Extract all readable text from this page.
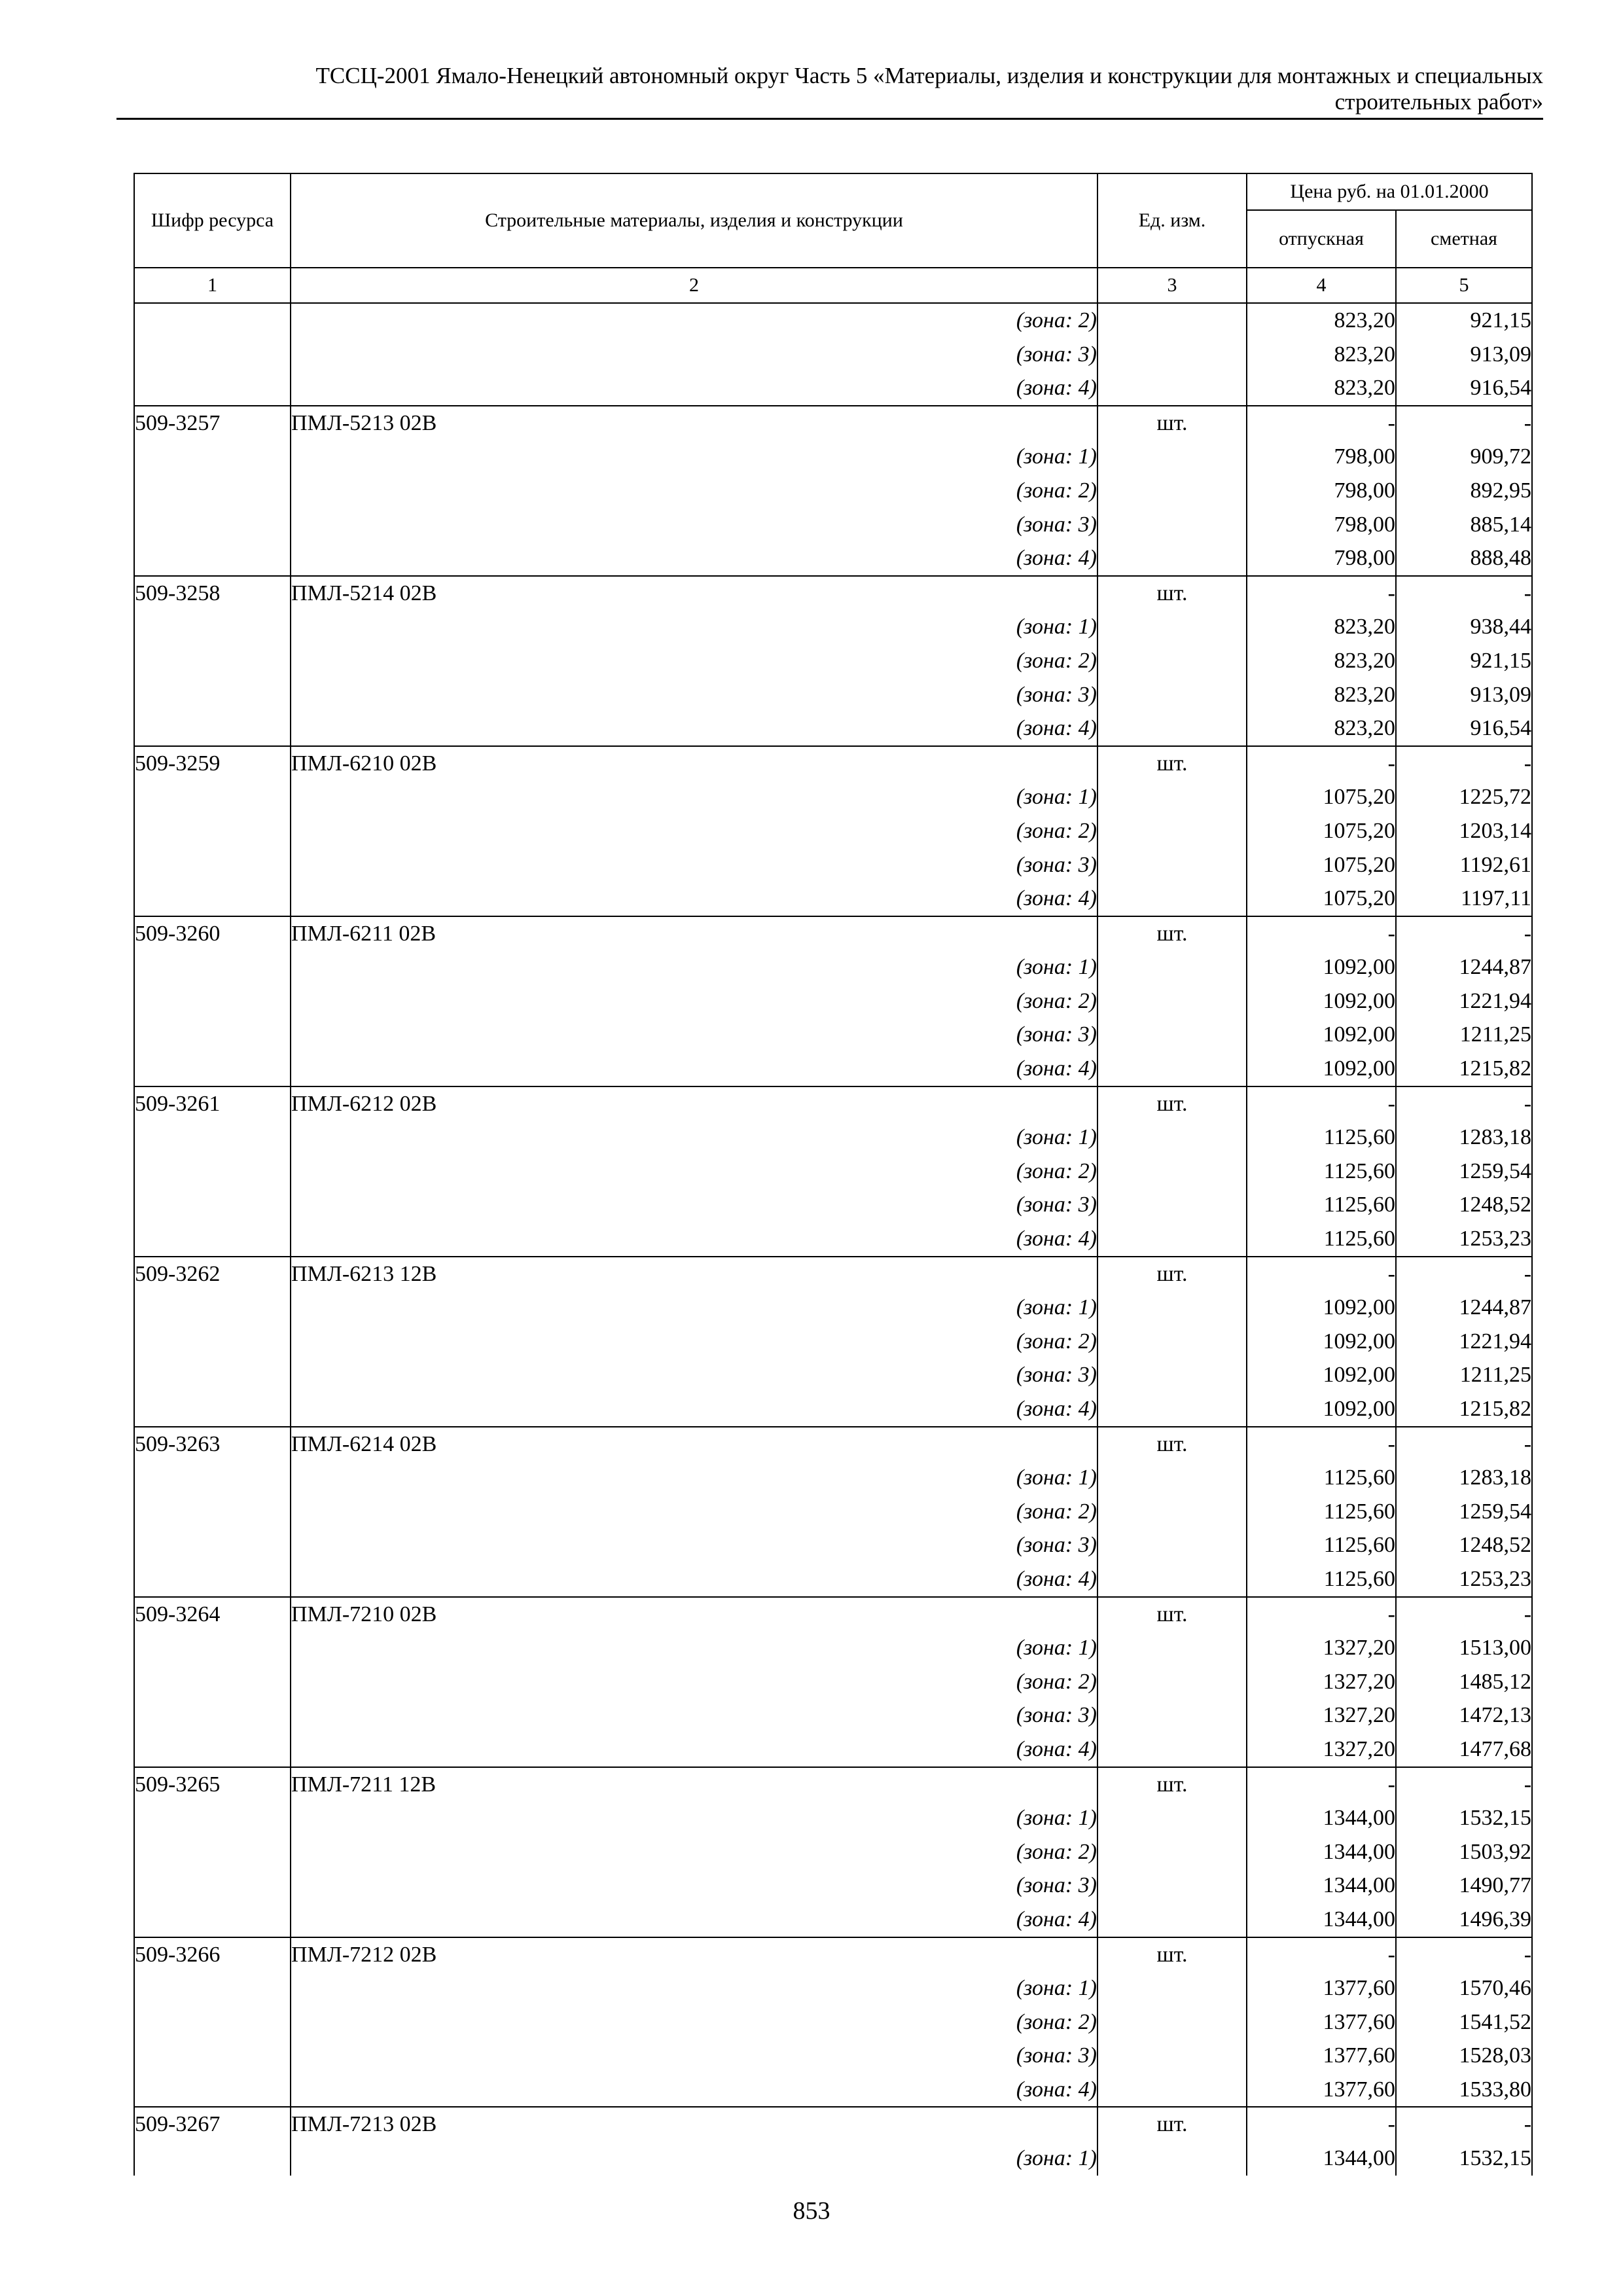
ТССЦ-2001 Ямало-Ненецкий автономный округ Часть 5 «Материалы, изделия и конструкции для монтажных и специальных
строительных работ»
Шифр ресурса	Строительные материалы, изделия и конструкции	Ед. изм.	Цена руб. на 01.01.2000	
			отпускная	сметная
1	2	3	4	5
	(зона: 2)		823,20	921,15
	(зона: 3)		823,20	913,09
	(зона: 4)		823,20	916,54
509-3257	ПМЛ-5213 02В	шт.	-	-
	(зона: 1)		798,00	909,72
	(зона: 2)		798,00	892,95
	(зона: 3)		798,00	885,14
	(зона: 4)		798,00	888,48
509-3258	ПМЛ-5214 02В	шт.	-	-
	(зона: 1)		823,20	938,44
	(зона: 2)		823,20	921,15
	(зона: 3)		823,20	913,09
	(зона: 4)		823,20	916,54
509-3259	ПМЛ-6210 02В	шт.	-	-
	(зона: 1)		1075,20	1225,72
	(зона: 2)		1075,20	1203,14
	(зона: 3)		1075,20	1192,61
	(зона: 4)		1075,20	1197,11
509-3260	ПМЛ-6211 02В	шт.	-	-
	(зона: 1)		1092,00	1244,87
	(зона: 2)		1092,00	1221,94
	(зона: 3)		1092,00	1211,25
	(зона: 4)		1092,00	1215,82
509-3261	ПМЛ-6212 02В	шт.	-	-
	(зона: 1)		1125,60	1283,18
	(зона: 2)		1125,60	1259,54
	(зона: 3)		1125,60	1248,52
	(зона: 4)		1125,60	1253,23
509-3262	ПМЛ-6213 12В	шт.	-	-
	(зона: 1)		1092,00	1244,87
	(зона: 2)		1092,00	1221,94
	(зона: 3)		1092,00	1211,25
	(зона: 4)		1092,00	1215,82
509-3263	ПМЛ-6214 02В	шт.	-	-
	(зона: 1)		1125,60	1283,18
	(зона: 2)		1125,60	1259,54
	(зона: 3)		1125,60	1248,52
	(зона: 4)		1125,60	1253,23
509-3264	ПМЛ-7210 02В	шт.	-	-
	(зона: 1)		1327,20	1513,00
	(зона: 2)		1327,20	1485,12
	(зона: 3)		1327,20	1472,13
	(зона: 4)		1327,20	1477,68
509-3265	ПМЛ-7211 12В	шт.	-	-
	(зона: 1)		1344,00	1532,15
	(зона: 2)		1344,00	1503,92
	(зона: 3)		1344,00	1490,77
	(зона: 4)		1344,00	1496,39
509-3266	ПМЛ-7212 02В	шт.	-	-
	(зона: 1)		1377,60	1570,46
	(зона: 2)		1377,60	1541,52
	(зона: 3)		1377,60	1528,03
	(зона: 4)		1377,60	1533,80
509-3267	ПМЛ-7213 02В	шт.	-	-
	(зона: 1)		1344,00	1532,15
853
